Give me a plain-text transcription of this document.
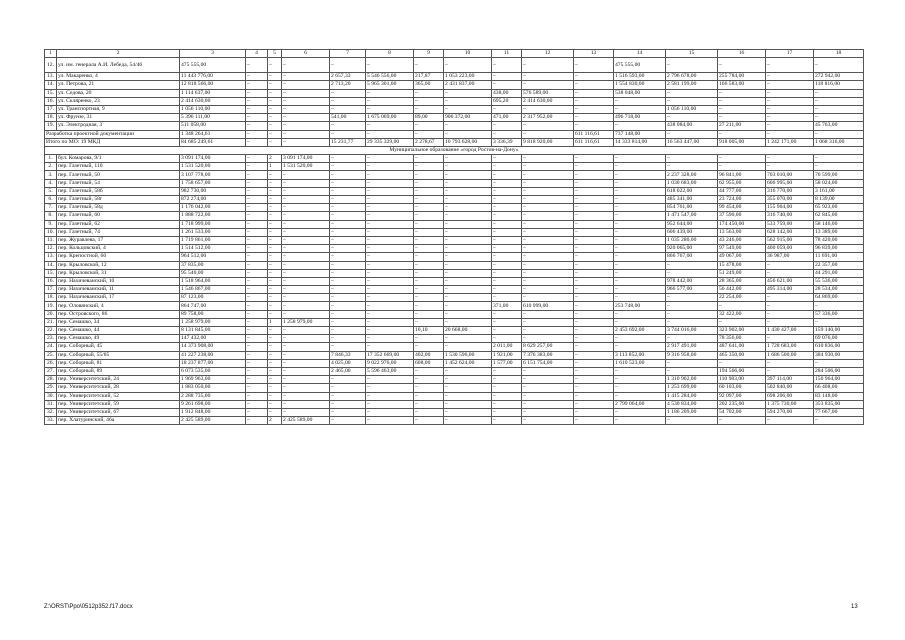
1	2	3	4	5	6	7	8	9	10	11	12	13	14	15	16	17	18
12.	ул. им. генерала А.И. Лебеда, 54/46	475 555,00	–	–	–	–	–	–	–	–	–	–	475 555,00	–	–	–	–
13.	ул. Макаренко, 4	11 443 776,00	–	–	–	2 657,33	5 546 556,00	217,87	1 053 223,00	–	–	–	1 516 593,00	2 796 678,00	255 784,00	–	272 942,00
14.	ул. Петрова, 21	12 818 566,00	–	–	–	2 713,20	5 965 301,00	365,00	2 431 837,00	–	–	–	1 554 830,00	2 581 199,00	166 583,00	–	118 816,00
15.	ул. Седова, 20	1 114 637,00	–	–	–	–	–	–	–	438,00	576 589,00	–	538 048,00	–	–	–	–
16.	ул. Скляренко, 23	2 414 630,00	–	–	–	–	–	–	–	695,20	2 414 630,00	–	–	–	–	–	–
17.	ул. Транспортная, 9	1 056 110,00	–	–	–	–	–	–	–	–	–	–	–	1 056 110,00	–	–	–
18.	ул. Фрунзе, 31	5 396 111,00	–	–	–	541,00	1 675 069,00	89,00	906 372,00	471,00	2 317 952,00	–	496 718,00	–	–	–	–
19.	ул. Электродная, 3	511 058,00	–	–	–	–	–	–	–	–	–	–	–	438 084,00	27 211,00	–	45 763,00
Разработка проектной документации		1 348 264,61	–	–	–	–	–	–	–	–	–	611 116,61	737 148,00	–	–	–	–
Итого по МО: 19 МКД		84 685 249,61	–	–	–	15 231,77	29 335 329,00	2 278,67	10 793 628,00	3 336,39	9 818 920,00	611 116,61	14 333 814,00	16 563 447,00	918 005,00	1 242 171,00	1 068 316,00
Муниципальное образование «город Ростов-на-Дону»																	
1.	бул. Комарова, 9/1	3 091 174,00	–	2	3 091 174,00	–	–	–	–	–	–	–	–	–	–	–	–
2.	пер. Газетный, 110	1 531 520,00	–	1	1 531 520,00	–	–	–	–	–	–	–	–	–	–	–	–
3.	пер. Газетный, 50	3 107 778,00	–	–	–	–	–	–	–	–	–	–	–	2 237 328,00	96 841,00	703 010,00	70 599,00
4.	пер. Газетный, 54	1 758 657,00	–	–	–	–	–	–	–	–	–	–	–	1 030 683,00	62 955,00	606 995,00	58 024,00
5.	пер. Газетный, 58б	982 730,00	–	–	–	–	–	–	–	–	–	–	–	618 022,00	44 777,00	316 770,00	3 161,00
6.	пер. Газетный, 58г	872 274,00	–	–	–	–	–	–	–	–	–	–	–	485 341,00	23 724,00	355 070,00	8 139,00
7.	пер. Газетный, 58д	1 176 042,00	–	–	–	–	–	–	–	–	–	–	–	854 761,00	99 454,00	155 904,00	65 923,00
8.	пер. Газетный, 60	1 888 722,00	–	–	–	–	–	–	–	–	–	–	–	1 471 547,00	37 590,00	316 740,00	62 845,00
9.	пер. Газетный, 62	1 718 999,00	–	–	–	–	–	–	–	–	–	–	–	952 644,00	174 450,00	533 759,00	58 146,00
10.	пер. Газетный, 74	1 261 533,00	–	–	–	–	–	–	–	–	–	–	–	606 439,00	13 563,00	628 142,00	13 389,00
11.	пер. Журавлева, 17	1 719 861,00	–	–	–	–	–	–	–	–	–	–	–	1 035 280,00	43 246,00	562 915,00	78 420,00
12.	пер. Кольцовский, 4	1 514 512,00	–	–	–	–	–	–	–	–	–	–	–	920 065,00	97 549,00	400 059,00	96 839,00
13.	пер. Крепостной, 60	964 512,00	–	–	–	–	–	–	–	–	–	–	–	866 767,00	49 067,00	36 987,00	11 691,00
14.	пер. Крыловской, 12	37 835,00	–	–	–	–	–	–	–	–	–	–	–	–	15 478,00	–	22 357,00
15.	пер. Крыловской, 31	95 540,00	–	–	–	–	–	–	–	–	–	–	–	–	51 249,00	–	44 291,00
16.	пер. Нахичеванский, 10	1 518 964,00	–	–	–	–	–	–	–	–	–	–	–	978 442,00	28 365,00	456 621,00	55 536,00
17.	пер. Нахичеванский, 11	1 546 867,00	–	–	–	–	–	–	–	–	–	–	–	966 577,00	56 442,00	495 314,00	28 534,00
18.	пер. Нахичеванский, 17	87 123,00	–	–	–	–	–	–	–	–	–	–	–	–	22 254,00	–	64 869,00
19.	пер. Оловянский, 4	864 747,00	–	–	–	–	–	–	–	371,00	610 999,00	–	253 748,00	–	–	–	–
20.	пер. Островского, 86	89 758,00	–	–	–	–	–	–	–	–	–	–	–	–	32 422,00	–	57 336,00
21.	пер. Семашко, 34	1 258 979,00	–	1	1 258 979,00	–	–	–	–	–	–	–	–	–	–	–	–
22.	пер. Семашко, 44	8 131 845,00	–	–	–	–	–	10,10	20 668,00	–	–	–	2 453 692,00	3 744 016,00	323 902,00	1 430 427,00	159 140,00
23.	пер. Семашко, 49	147 432,00	–	–	–	–	–	–	–	–	–	–	–	–	78 356,00	–	69 076,00
24.	пер. Соборный, 45	14 373 908,00	–	–	–	–	–	–	–	2 011,00	8 629 257,00	–	–	2 917 491,00	487 641,00	1 728 683,00	610 836,00
25.	пер. Соборный, 55/85	41 227 238,00	–	–	–	7 846,33	17 352 669,00	402,00	1 530 596,00	1 921,00	7 376 383,00	–	3 113 852,00	9 316 958,00	465 350,00	1 686 500,00	384 930,00
26.	пер. Соборный, 81	18 237 877,00	–	–	–	4 025,00	9 022 976,00	608,00	1 452 624,00	1 577,00	6 151 754,00	–	1 610 523,00	–	–	–	–
27.	пер. Соборный, 89	6 073 535,00	–	–	–	2 465,00	5 596 463,00	–	–	–	–	–	–	–	194 566,00	–	284 506,00
28.	пер. Университетский, 24	1 969 963,00	–	–	–	–	–	–	–	–	–	–	–	1 310 902,00	110 983,00	397 114,00	150 964,00
29.	пер. Университетский, 28	1 883 050,00	–	–	–	–	–	–	–	–	–	–	–	1 253 699,00	60 103,00	502 840,00	66 408,00
30.	пер. Университетский, 52	2 288 735,00	–	–	–	–	–	–	–	–	–	–	–	1 415 284,00	92 097,00	698 206,00	83 148,00
31.	пер. Университетский, 59	9 261 698,00	–	–	–	–	–	–	–	–	–	–	2 799 064,00	4 530 834,00	202 235,00	1 375 730,00	353 835,00
32.	пер. Университетский, 67	1 912 848,00	–	–	–	–	–	–	–	–	–	–	–	1 186 209,00	54 702,00	594 270,00	77 667,00
33.	пер. Хлатуринский, 46а	2 425 589,00	–	2	2 425 589,00	–	–	–	–	–	–	–	–	–	–	–	–
Z:\ORST\Ppo\0512p352.f17.docx	13
